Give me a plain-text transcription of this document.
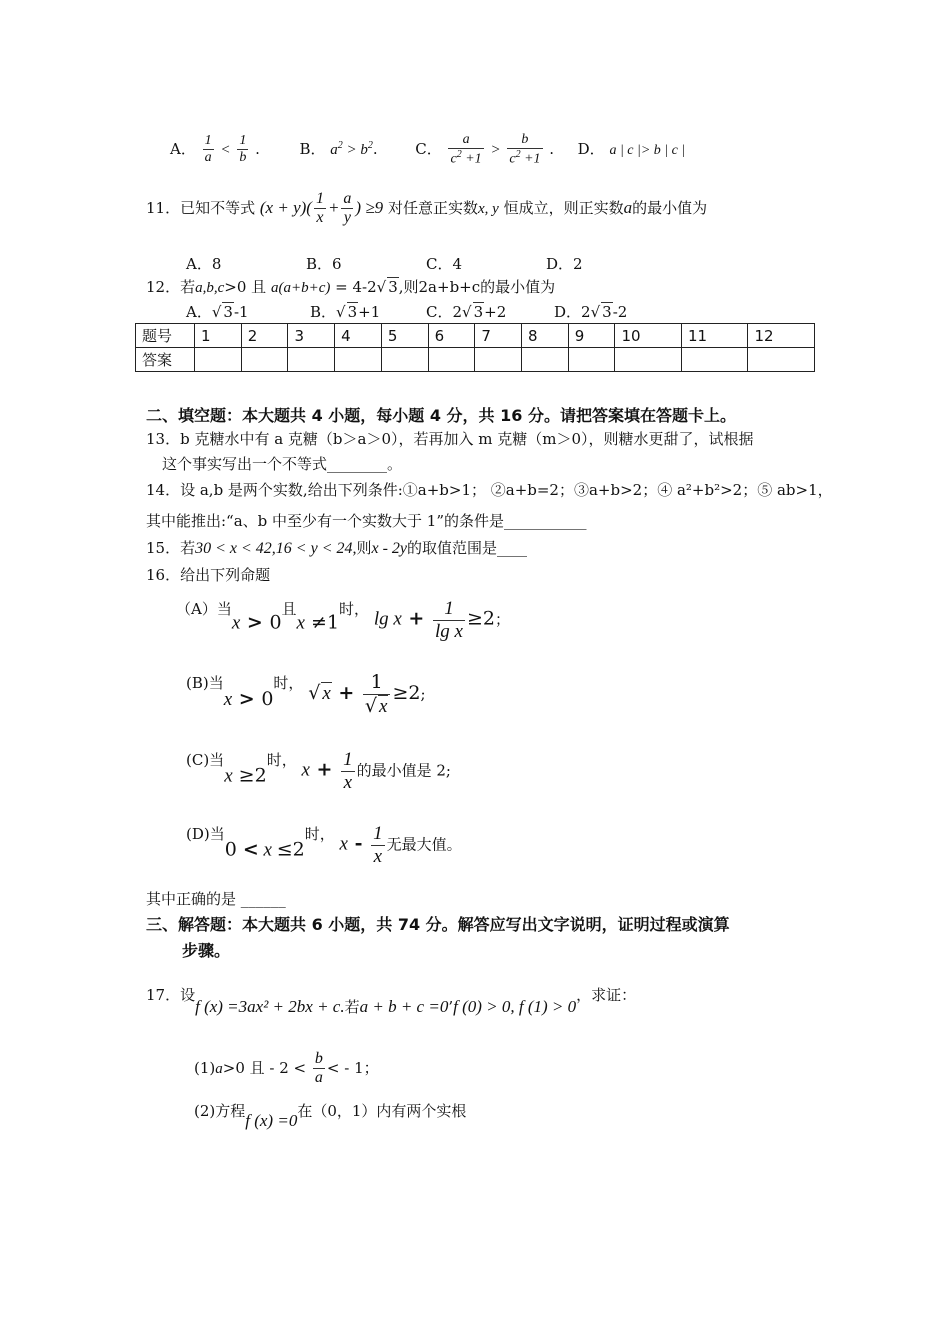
A． $\frac{1}{a} < \frac{1}{b}$ .	B． $a^2 > b^2$.	C． $\frac{a}{c^2 +1} > \frac{b}{c^2 +1}$ . D． a | c |> b | c |
11．已知不等式 $(x + y)( \frac{1}{x} + \frac{a}{y}$ ) ≥9 对任意正实数x, y 恒成立，则正实数a的最小值为
A．8	B．6	C．4	D．2
12．若a,b,c>0 且 a(a+b+c) = 4-2√ 3,则2a+b+c的最小值为
A．√ 3-1	B．√ 3+1	C．2√ 3+2	D．2√ 3-2
题号	1	2	3	4	5	6	7	8	9	10	11	12
答案												
二、填空题：本大题共 4 小题，每小题 4 分，共 16 分。请把答案填在答题卡上。
13．b 克糖水中有 a 克糖（b＞a＞0），若再加入 m 克糖（m＞0），则糖水更甜了，试根据
这个事实写出一个不等式________。
14．设 a,b 是两个实数,给出下列条件:①a+b>1； ②a+b=2；③a+b>2；④ a²+b²>2；⑤ ab>1，
其中能推出:“a、b 中至少有一个实数大于 1”的条件是___________
15．若30 < x < 42,16 < y < 24,则x - 2y的取值范围是____
16．给出下列命题
（A）当x > 0且x ≠1时， $\lg x + \frac{1}{\text{lg x}} \ge 2$；
(B)当x > 0时， √ $x + \frac{1}{√ x} \ge 2$;
(C)当x ≥2时， $x + \frac{1}{x}$ 的最小值是 2;
(D)当0 < x ≤2时， x - $\frac{1}{x}$ 无最大值。
其中正确的是 ______
三、解答题：本大题共 6 小题，共 74 分。解答应写出文字说明，证明过程或演算
步骤。
17．设f (x) =3ax² + 2bx + c.若a + b + c =0’f (0) > 0, f (1) > 0，求证：
(1)a>0 且 - $2 < \frac{b}{a}$ < - 1；
(2)方程f (x) =0在（0，1）内有两个实根
